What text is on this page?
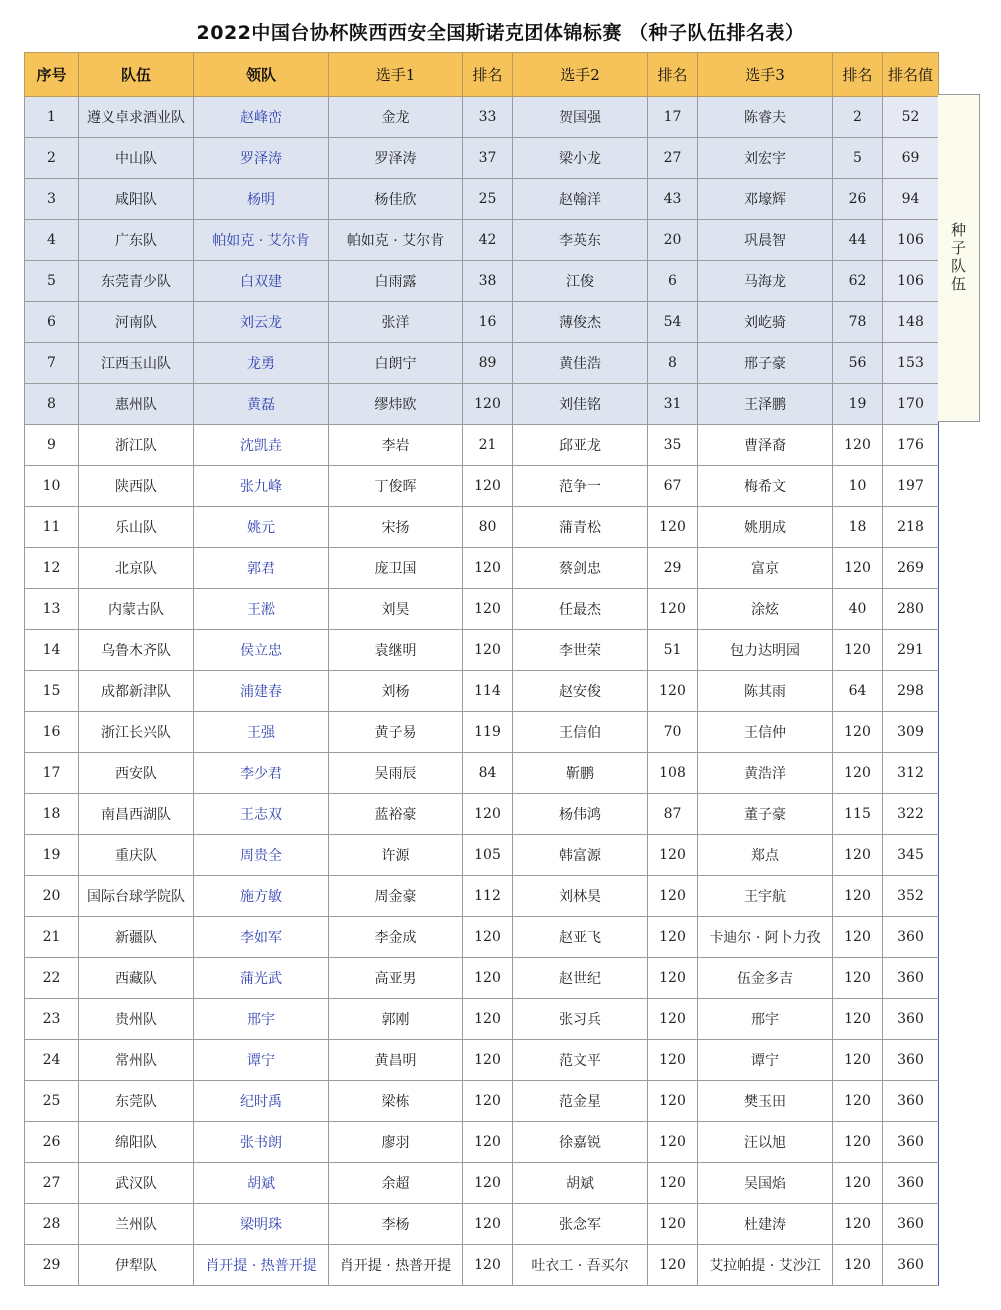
2022中国台协杯陕西西安全国斯诺克团体锦标赛 （种子队伍排名表）
序号	队伍	领队	选手1	排名	选手2	排名	选手3	排名	排名值
1	遵义卓求酒业队	赵峰峦	金龙	33	贺国强	17	陈睿夫	2	52
2	中山队	罗泽涛	罗泽涛	37	梁小龙	27	刘宏宇	5	69
3	咸阳队	杨明	杨佳欣	25	赵翰洋	43	邓壕辉	26	94
4	广东队	帕如克 · 艾尔肯	帕如克 · 艾尔肯	42	李英东	20	巩晨智	44	106
5	东莞青少队	白双建	白雨露	38	江俊	6	马海龙	62	106
6	河南队	刘云龙	张洋	16	薄俊杰	54	刘屹骑	78	148
7	江西玉山队	龙勇	白朗宁	89	黄佳浩	8	邢子豪	56	153
8	惠州队	黄磊	缪炜欧	120	刘佳铭	31	王泽鹏	19	170
9	浙江队	沈凯垚	李岩	21	邱亚龙	35	曹泽裔	120	176
10	陕西队	张九峰	丁俊晖	120	范争一	67	梅希文	10	197
11	乐山队	姚元	宋扬	80	蒲青松	120	姚朋成	18	218
12	北京队	郭君	庞卫国	120	蔡剑忠	29	富京	120	269
13	内蒙古队	王淞	刘昊	120	任最杰	120	涂炫	40	280
14	乌鲁木齐队	侯立忠	袁继明	120	李世荣	51	包力达明园	120	291
15	成都新津队	浦建春	刘杨	114	赵安俊	120	陈其雨	64	298
16	浙江长兴队	王强	黄子易	119	王信伯	70	王信仲	120	309
17	西安队	李少君	吴雨辰	84	靳鹏	108	黄浩洋	120	312
18	南昌西湖队	王志双	蓝裕豪	120	杨伟鸿	87	董子豪	115	322
19	重庆队	周贵全	许源	105	韩富源	120	郑点	120	345
20	国际台球学院队	施方敏	周金豪	112	刘林昊	120	王宇航	120	352
21	新疆队	李如军	李金成	120	赵亚飞	120	卡迪尔 · 阿卜力孜	120	360
22	西藏队	蒲光武	高亚男	120	赵世纪	120	伍金多吉	120	360
23	贵州队	邢宇	郭刚	120	张习兵	120	邢宇	120	360
24	常州队	谭宁	黄昌明	120	范文平	120	谭宁	120	360
25	东莞队	纪时禹	梁栋	120	范金星	120	樊玉田	120	360
26	绵阳队	张书朗	廖羽	120	徐嘉锐	120	汪以旭	120	360
27	武汉队	胡斌	余超	120	胡斌	120	吴国焰	120	360
28	兰州队	梁明珠	李杨	120	张念军	120	杜建涛	120	360
29	伊犁队	肖开提 · 热普开提	肖开提 · 热普开提	120	吐衣工 · 吾买尔	120	艾拉帕提 · 艾沙江	120	360
种子队伍
